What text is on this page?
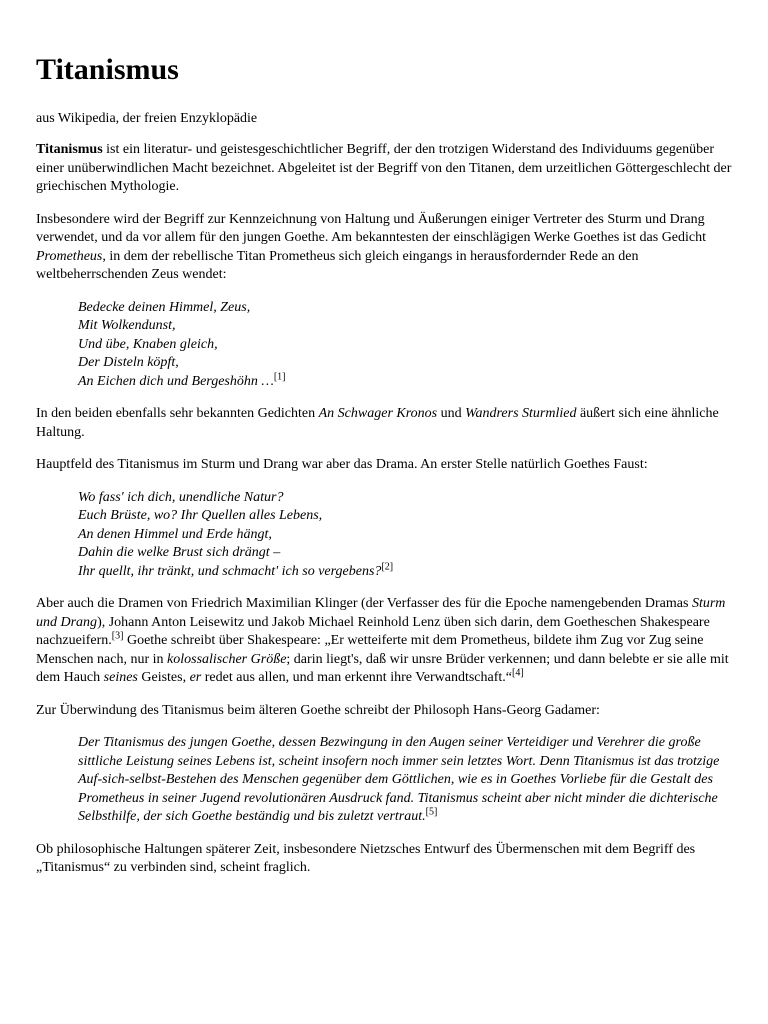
Titanismus
aus Wikipedia, der freien Enzyklopädie

Titanismus ist ein literatur- und geistesgeschichtlicher Begriff, der den trotzigen Widerstand des Individuums gegenüber einer unüberwindlichen Macht bezeichnet. Abgeleitet ist der Begriff von den Titanen, dem urzeitlichen Göttergeschlecht der griechischen Mythologie.

Insbesondere wird der Begriff zur Kennzeichnung von Haltung und Äußerungen einiger Vertreter des Sturm und Drang verwendet, und da vor allem für den jungen Goethe. Am bekanntesten der einschlägigen Werke Goethes ist das Gedicht Prometheus, in dem der rebellische Titan Prometheus sich gleich eingangs in herausfordernder Rede an den weltbeherrschenden Zeus wendet:

Bedecke deinen Himmel, Zeus,
Mit Wolkendunst,
Und übe, Knaben gleich,
Der Disteln köpft,
An Eichen dich und Bergeshöhn …[1]

In den beiden ebenfalls sehr bekannten Gedichten An Schwager Kronos und Wandrers Sturmlied äußert sich eine ähnliche Haltung.

Hauptfeld des Titanismus im Sturm und Drang war aber das Drama. An erster Stelle natürlich Goethes Faust:

Wo fass' ich dich, unendliche Natur?
Euch Brüste, wo? Ihr Quellen alles Lebens,
An denen Himmel und Erde hängt,
Dahin die welke Brust sich drängt –
Ihr quellt, ihr tränkt, und schmacht' ich so vergebens?[2]

Aber auch die Dramen von Friedrich Maximilian Klinger (der Verfasser des für die Epoche namengebenden Dramas Sturm und Drang), Johann Anton Leisewitz und Jakob Michael Reinhold Lenz üben sich darin, dem Goetheschen Shakespeare nachzueifern.[3] Goethe schreibt über Shakespeare: „Er wetteiferte mit dem Prometheus, bildete ihm Zug vor Zug seine Menschen nach, nur in kolossalischer Größe; darin liegt's, daß wir unsre Brüder verkennen; und dann belebte er sie alle mit dem Hauch seines Geistes, er redet aus allen, und man erkennt ihre Verwandtschaft.“[4]

Zur Überwindung des Titanismus beim älteren Goethe schreibt der Philosoph Hans-Georg Gadamer:

Der Titanismus des jungen Goethe, dessen Bezwingung in den Augen seiner Verteidiger und Verehrer die große sittliche Leistung seines Lebens ist, scheint insofern noch immer sein letztes Wort. Denn Titanismus ist das trotzige Auf-sich-selbst-Bestehen des Menschen gegenüber dem Göttlichen, wie es in Goethes Vorliebe für die Gestalt des Prometheus in seiner Jugend revolutionären Ausdruck fand. Titanismus scheint aber nicht minder die dichterische Selbsthilfe, der sich Goethe beständig und bis zuletzt vertraut.[5]

Ob philosophische Haltungen späterer Zeit, insbesondere Nietzsches Entwurf des Übermenschen mit dem Begriff des „Titanismus“ zu verbinden sind, scheint fraglich.
